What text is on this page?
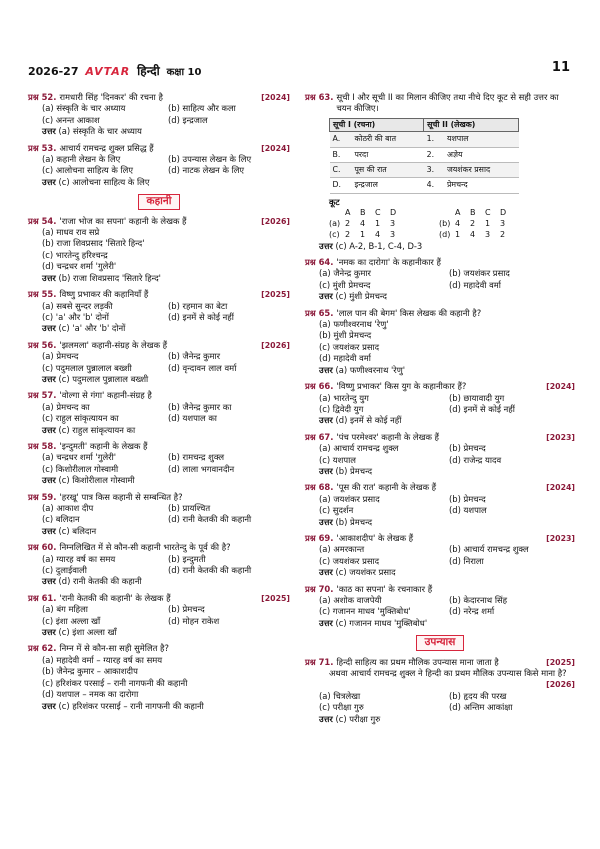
2026-27 AVTAR हिन्दी कक्षा 10	11
प्रश्न 52. रामधारी सिंह 'दिनकर' की रचना है	[2024]
(a) संस्कृति के चार अध्याय	(b) साहित्य और कला
(c) अनन्त आकाश	(d) इन्द्रजाल
उत्तर (a) संस्कृति के चार अध्याय
प्रश्न 53. आचार्य रामचन्द्र शुक्ल प्रसिद्ध हैं	[2024]
(a) कहानी लेखन के लिए	(b) उपन्यास लेखन के लिए
(c) आलोचना साहित्य के लिए	(d) नाटक लेखन के लिए
उत्तर (c) आलोचना साहित्य के लिए
कहानी
प्रश्न 54. 'राजा भोज का सपना' कहानी के लेखक हैं	[2026]
(a) माधव राव सप्रे
(b) राजा शिवप्रसाद 'सितारे हिन्द'
(c) भारतेन्दु हरिश्चन्द्र
(d) चन्द्रधर शर्मा 'गुलेरी'
उत्तर (b) राजा शिवप्रसाद 'सितारे हिन्द'
प्रश्न 55. विष्णु प्रभाकर की कहानियाँ हैं	[2025]
(a) सबसे सुन्दर लड़की	(b) रहमान का बेटा
(c) 'a' और 'b' दोनों	(d) इनमें से कोई नहीं
उत्तर (c) 'a' और 'b' दोनों
प्रश्न 56. 'झलमला' कहानी-संग्रह के लेखक हैं	[2026]
(a) प्रेमचन्द	(b) जैनेन्द्र कुमार
(c) पदुमलाल पुन्नालाल बख्शी	(d) वृन्दावन लाल वर्मा
उत्तर (c) पदुमलाल पुन्नालाल बख्शी
प्रश्न 57. 'वोल्गा से गंगा' कहानी-संग्रह है
(a) प्रेमचन्द का	(b) जैनेन्द्र कुमार का
(c) राहुल सांकृत्यायन का	(d) यशपाल का
उत्तर (c) राहुल सांकृत्यायन का
प्रश्न 58. 'इन्दुमती' कहानी के लेखक हैं
(a) चन्द्रधर शर्मा 'गुलेरी'	(b) रामचन्द्र शुक्ल
(c) किशोरीलाल गोस्वामी	(d) लाला भगवानदीन
उत्तर (c) किशोरीलाल गोस्वामी
प्रश्न 59. 'हरखू' पात्र किस कहानी से सम्बन्धित है?
(a) आकाश दीप	(b) प्रायश्चित
(c) बलिदान	(d) रानी केतकी की कहानी
उत्तर (c) बलिदान
प्रश्न 60. निम्नलिखित में से कौन-सी कहानी भारतेन्दु के पूर्व की है?
(a) ग्यारह वर्ष का समय	(b) इन्दुमती
(c) दुलाईवाली	(d) रानी केतकी की कहानी
उत्तर (d) रानी केतकी की कहानी
प्रश्न 61. 'रानी केतकी की कहानी' के लेखक हैं	[2025]
(a) बंग महिला	(b) प्रेमचन्द
(c) इंशा अल्ला खाँ	(d) मोहन राकेश
उत्तर (c) इंशा अल्ला खाँ
प्रश्न 62. निम्न में से कौन-सा सही सुमेलित है?
(a) महादेवी वर्मा – ग्यारह वर्ष का समय
(b) जैनेन्द्र कुमार – आकाशदीप
(c) हरिशंकर परसाई – रानी नागफनी की कहानी
(d) यशपाल – नमक का दारोगा
उत्तर (c) हरिशंकर परसाई – रानी नागफनी की कहानी
प्रश्न 63. सूची I और सूची II का मिलान कीजिए तथा नीचे दिए कूट से सही उत्तर का चयन कीजिए।
सूची I (रचना)		सूची II (लेखक)	
A.	कोठरी की बात	1.	यशपाल
B.	परदा	2.	अज्ञेय
C.	पूस की रात	3.	जयशंकर प्रसाद
D.	इन्द्रजाल	4.	प्रेमचन्द
कूट
A	B	C	D	A	B	C	D
(a) 2	4	1	3	(b) 4	2	1	3
(c) 2	1	4	3	(d) 1	4	3	2
उत्तर (c) A-2, B-1, C-4, D-3
प्रश्न 64. 'नमक का दारोगा' के कहानीकार हैं
(a) जैनेन्द्र कुमार	(b) जयशंकर प्रसाद
(c) मुंशी प्रेमचन्द	(d) महादेवी वर्मा
उत्तर (c) मुंशी प्रेमचन्द
प्रश्न 65. 'लाल पान की बेगम' किस लेखक की कहानी है?
(a) फणीश्वरनाथ 'रेणु'
(b) मुंशी प्रेमचन्द
(c) जयशंकर प्रसाद
(d) महादेवी वर्मा
उत्तर (a) फणीश्वरनाथ 'रेणु'
प्रश्न 66. 'विष्णु प्रभाकर' किस युग के कहानीकार हैं?	[2024]
(a) भारतेन्दु युग	(b) छायावादी युग
(c) द्विवेदी युग	(d) इनमें से कोई नहीं
उत्तर (d) इनमें से कोई नहीं
प्रश्न 67. 'पंच परमेश्वर' कहानी के लेखक हैं	[2023]
(a) आचार्य रामचन्द्र शुक्ल	(b) प्रेमचन्द
(c) यशपाल	(d) राजेन्द्र यादव
उत्तर (b) प्रेमचन्द
प्रश्न 68. 'पूस की रात' कहानी के लेखक हैं	[2024]
(a) जयशंकर प्रसाद	(b) प्रेमचन्द
(c) सुदर्शन	(d) यशपाल
उत्तर (b) प्रेमचन्द
प्रश्न 69. 'आकाशदीप' के लेखक हैं	[2023]
(a) अमरकान्त	(b) आचार्य रामचन्द्र शुक्ल
(c) जयशंकर प्रसाद	(d) निराला
उत्तर (c) जयशंकर प्रसाद
प्रश्न 70. 'काठ का सपना' के रचनाकार हैं
(a) अशोक वाजपेयी	(b) केदारनाथ सिंह
(c) गजानन माधव 'मुक्तिबोध'	(d) नरेन्द्र शर्मा
उत्तर (c) गजानन माधव 'मुक्तिबोध'
उपन्यास
प्रश्न 71. हिन्दी साहित्य का प्रथम मौलिक उपन्यास माना जाता है	[2025]
अथवा आचार्य रामचन्द्र शुक्ल ने हिन्दी का प्रथम मौलिक उपन्यास किसे माना है?
[2026]
(a) चित्रलेखा	(b) हृदय की परख
(c) परीक्षा गुरु	(d) अन्तिम आकांक्षा
उत्तर (c) परीक्षा गुरु
